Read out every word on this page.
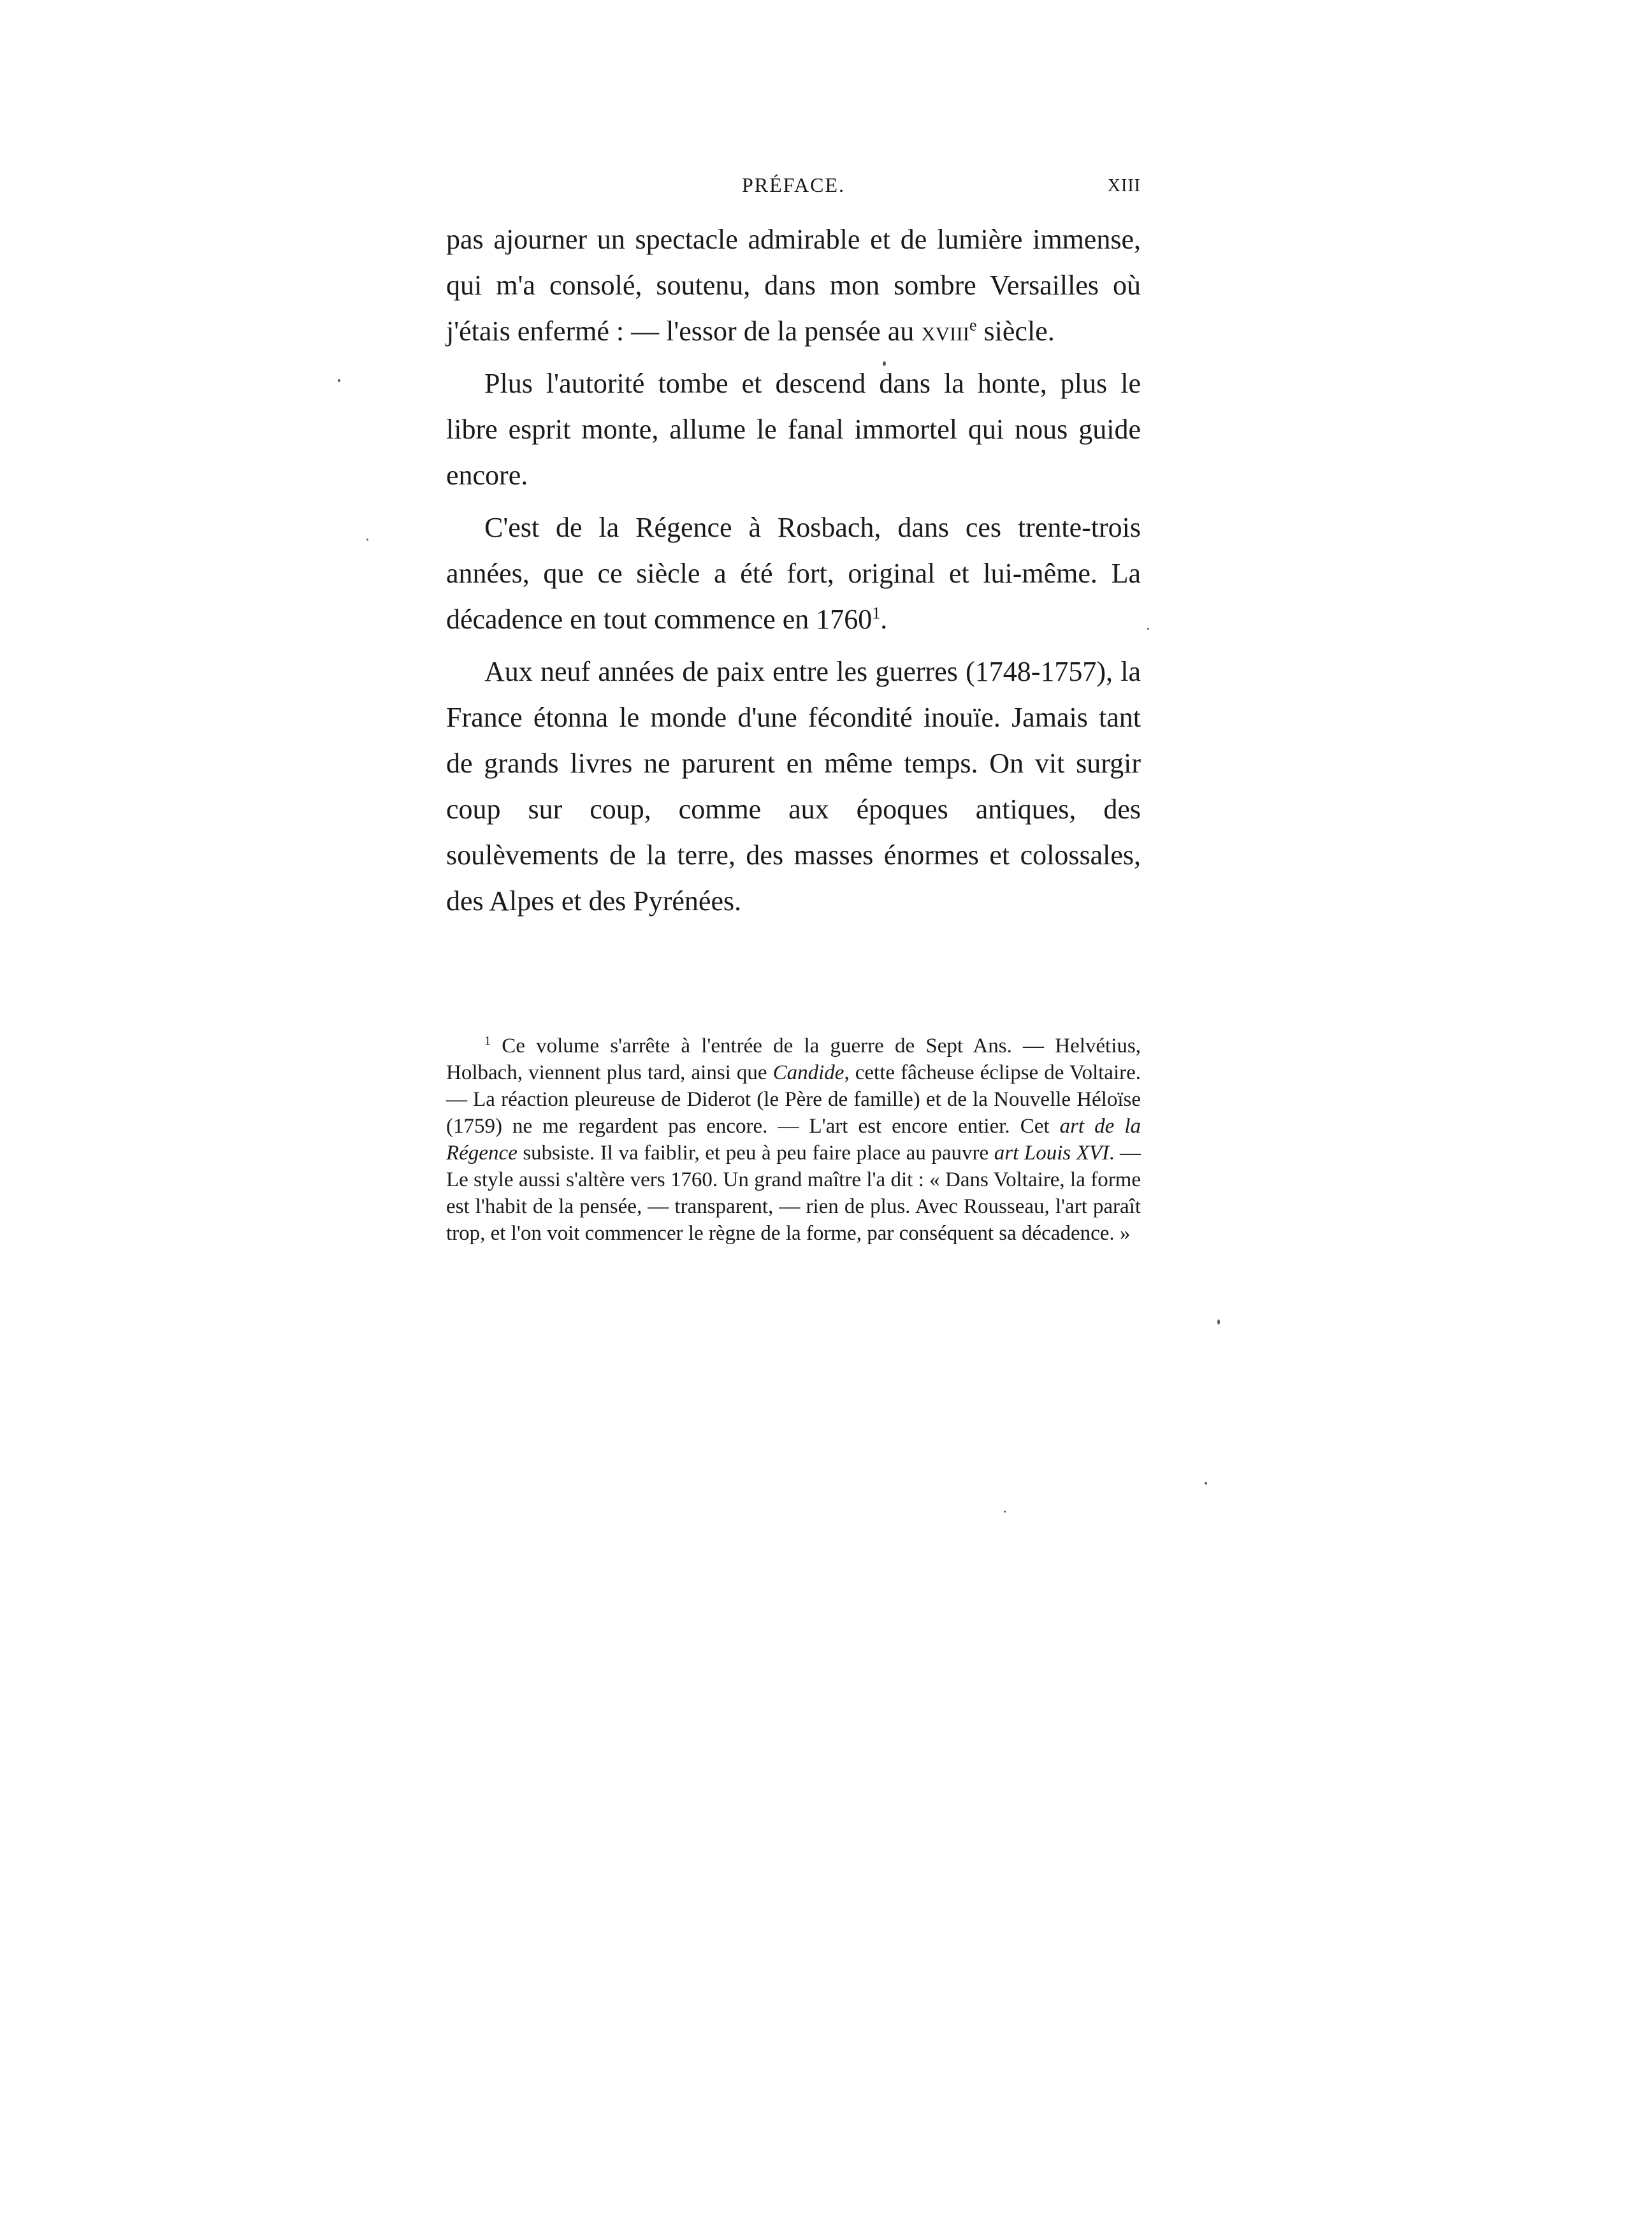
PRÉFACE.	XIII

pas ajourner un spectacle admirable et de lumière immense, qui m'a consolé, soutenu, dans mon sombre Versailles où j'étais enfermé : — l'essor de la pensée au xviii$^e$ siècle.

Plus l'autorité tombe et descend dans la honte, plus le libre esprit monte, allume le fanal immortel qui nous guide encore.

C'est de la Régence à Rosbach, dans ces trente-trois années, que ce siècle a été fort, original et lui-même. La décadence en tout commence en 1760$^1$.

Aux neuf années de paix entre les guerres (1748-1757), la France étonna le monde d'une fécondité inouïe. Jamais tant de grands livres ne parurent en même temps. On vit surgir coup sur coup, comme aux époques antiques, des soulèvements de la terre, des masses énormes et colossales, des Alpes et des Pyrénées.

$^1$ Ce volume s'arrête à l'entrée de la guerre de Sept Ans. — Helvétius, Holbach, viennent plus tard, ainsi que Candide, cette fâcheuse éclipse de Voltaire. — La réaction pleureuse de Diderot (le Père de famille) et de la Nouvelle Héloïse (1759) ne me regardent pas encore. — L'art est encore entier. Cet art de la Régence subsiste. Il va faiblir, et peu à peu faire place au pauvre art Louis XVI. — Le style aussi s'altère vers 1760. Un grand maître l'a dit : « Dans Voltaire, la forme est l'habit de la pensée, — transparent, — rien de plus. Avec Rousseau, l'art paraît trop, et l'on voit commencer le règne de la forme, par conséquent sa décadence. »
